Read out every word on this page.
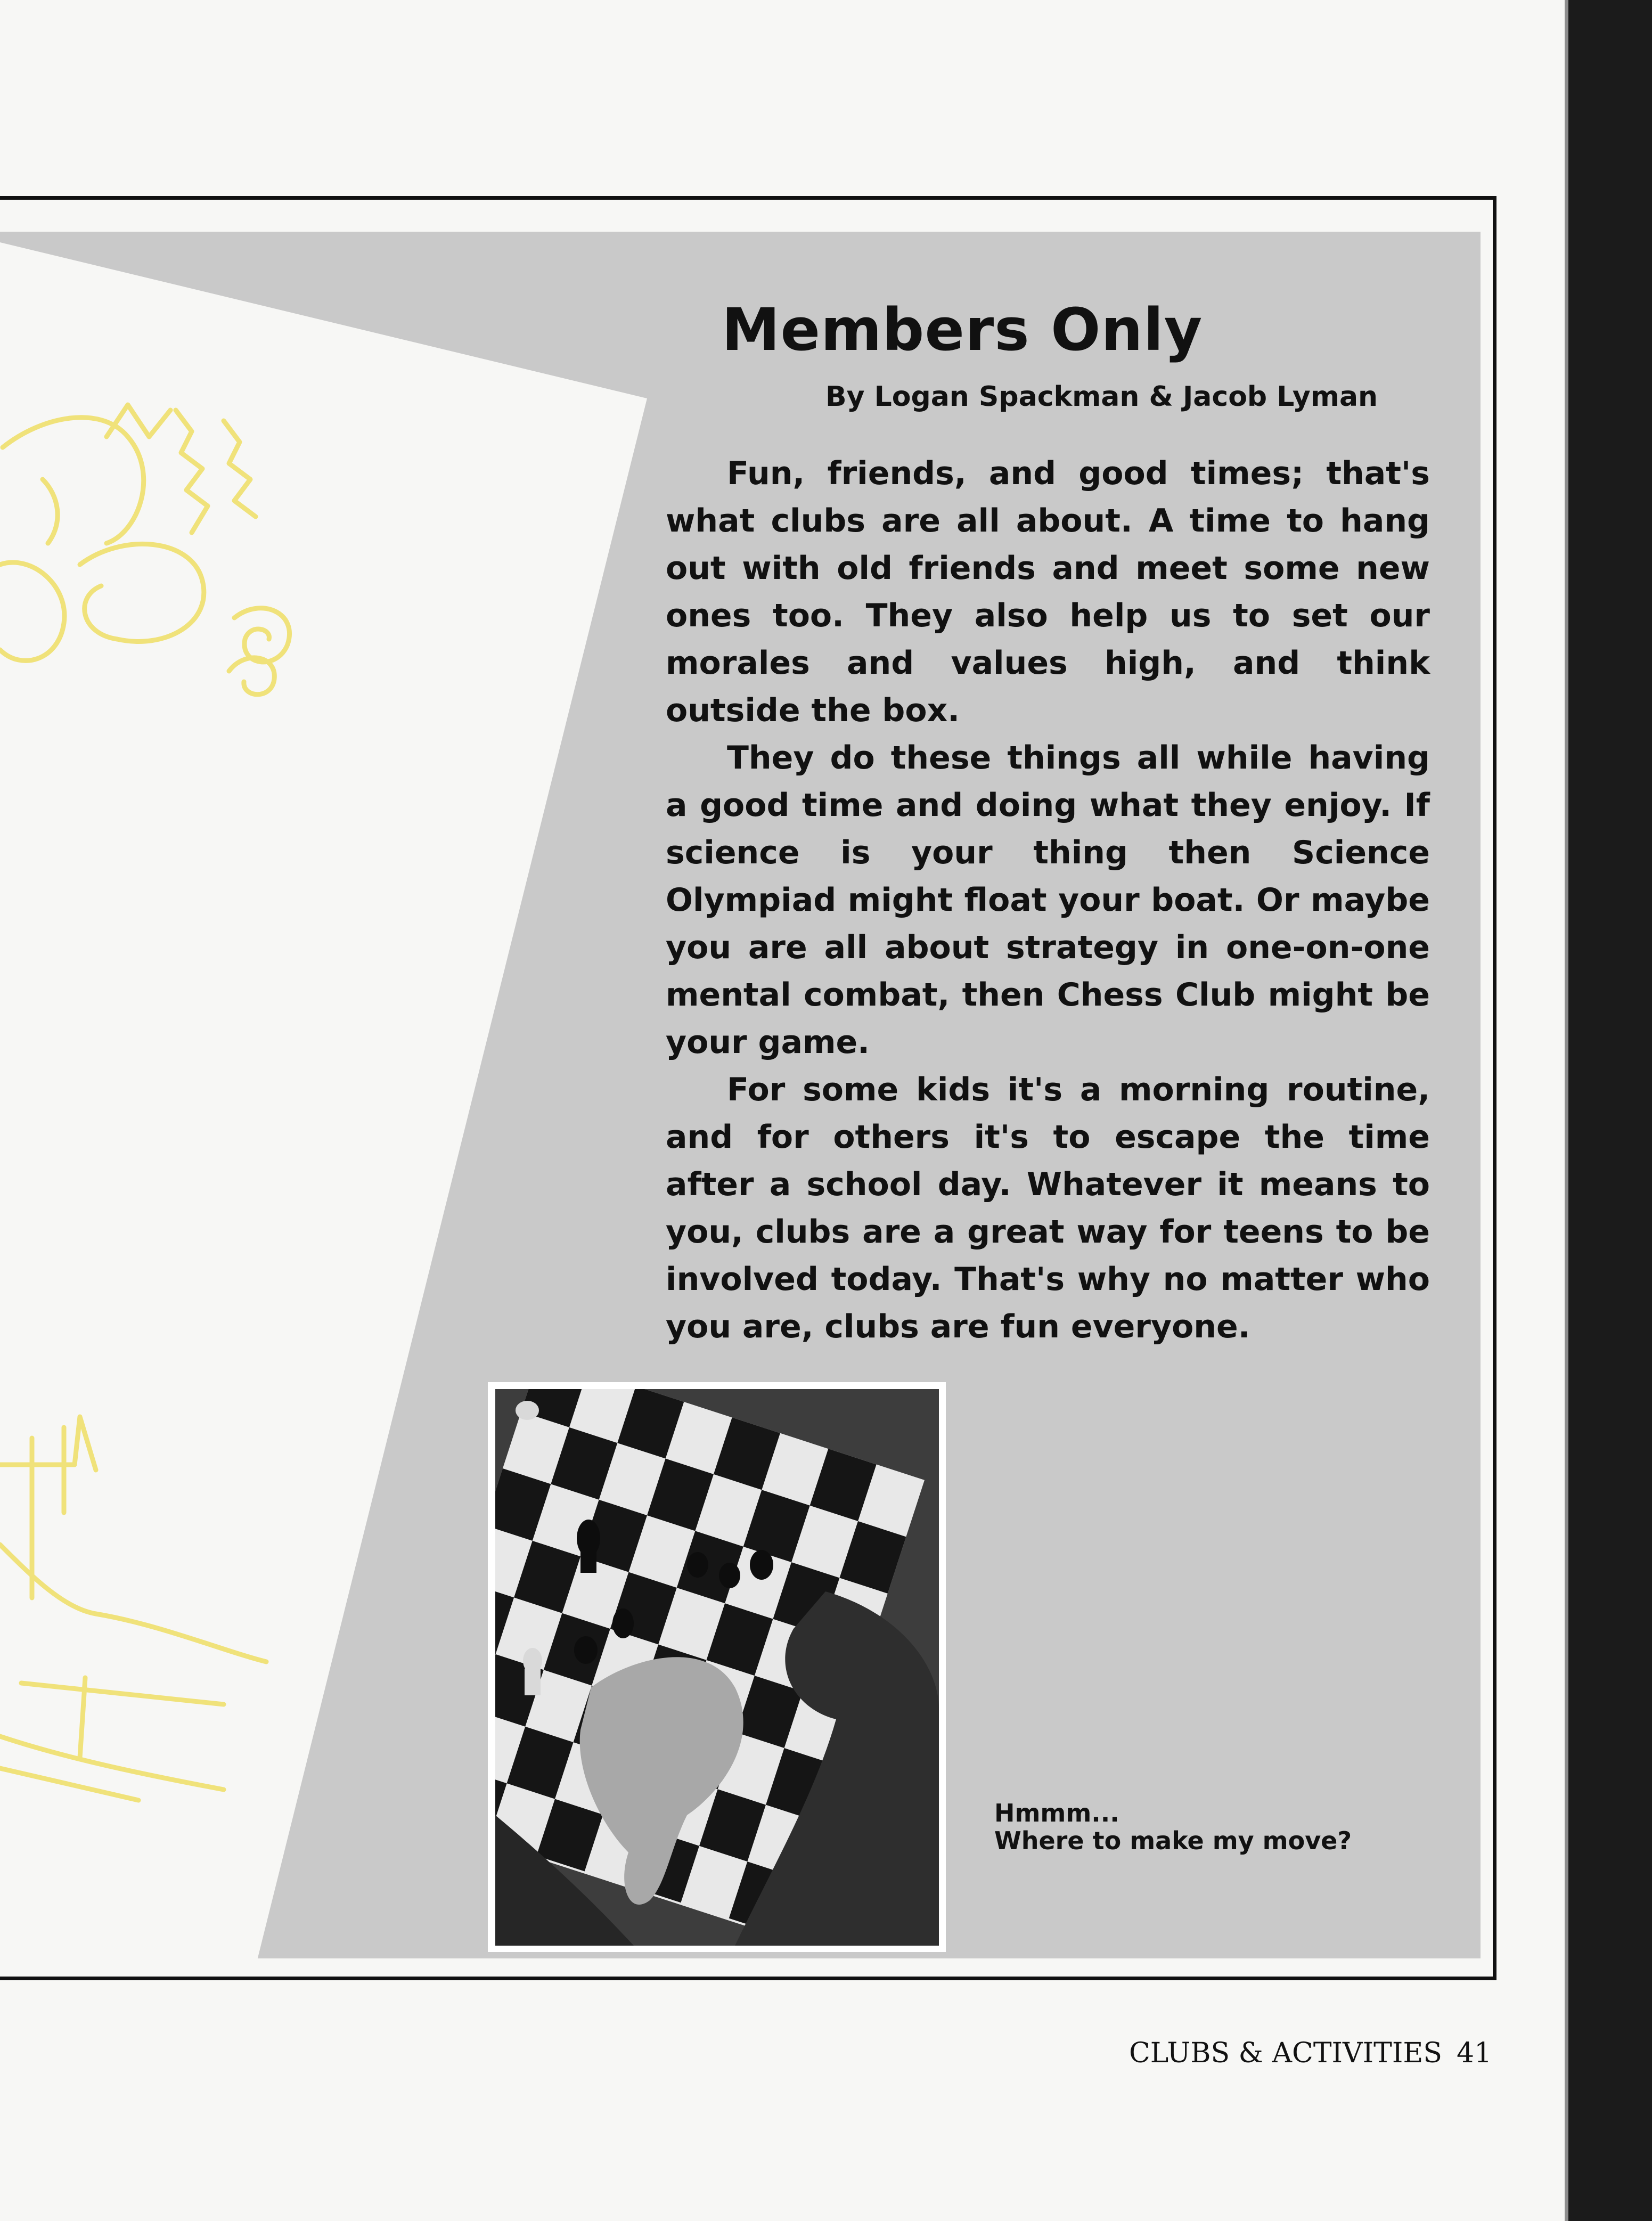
Members Only
By Logan Spackman & Jacob Lyman

Fun, friends, and good times; that's what clubs are all about. A time to hang out with old friends and meet some new ones too. They also help us to set our morales and values high, and think outside the box.

They do these things all while having a good time and doing what they enjoy. If science is your thing then Science Olympiad might float your boat. Or maybe you are all about strategy in one-on-one mental combat, then Chess Club might be your game.

For some kids it's a morning routine, and for others it's to escape the time after a school day. Whatever it means to you, clubs are a great way for teens to be involved today. That's why no matter who you are, clubs are fun everyone.

Hmmm...
Where to make my move?
CLUBS & ACTIVITIES 41
